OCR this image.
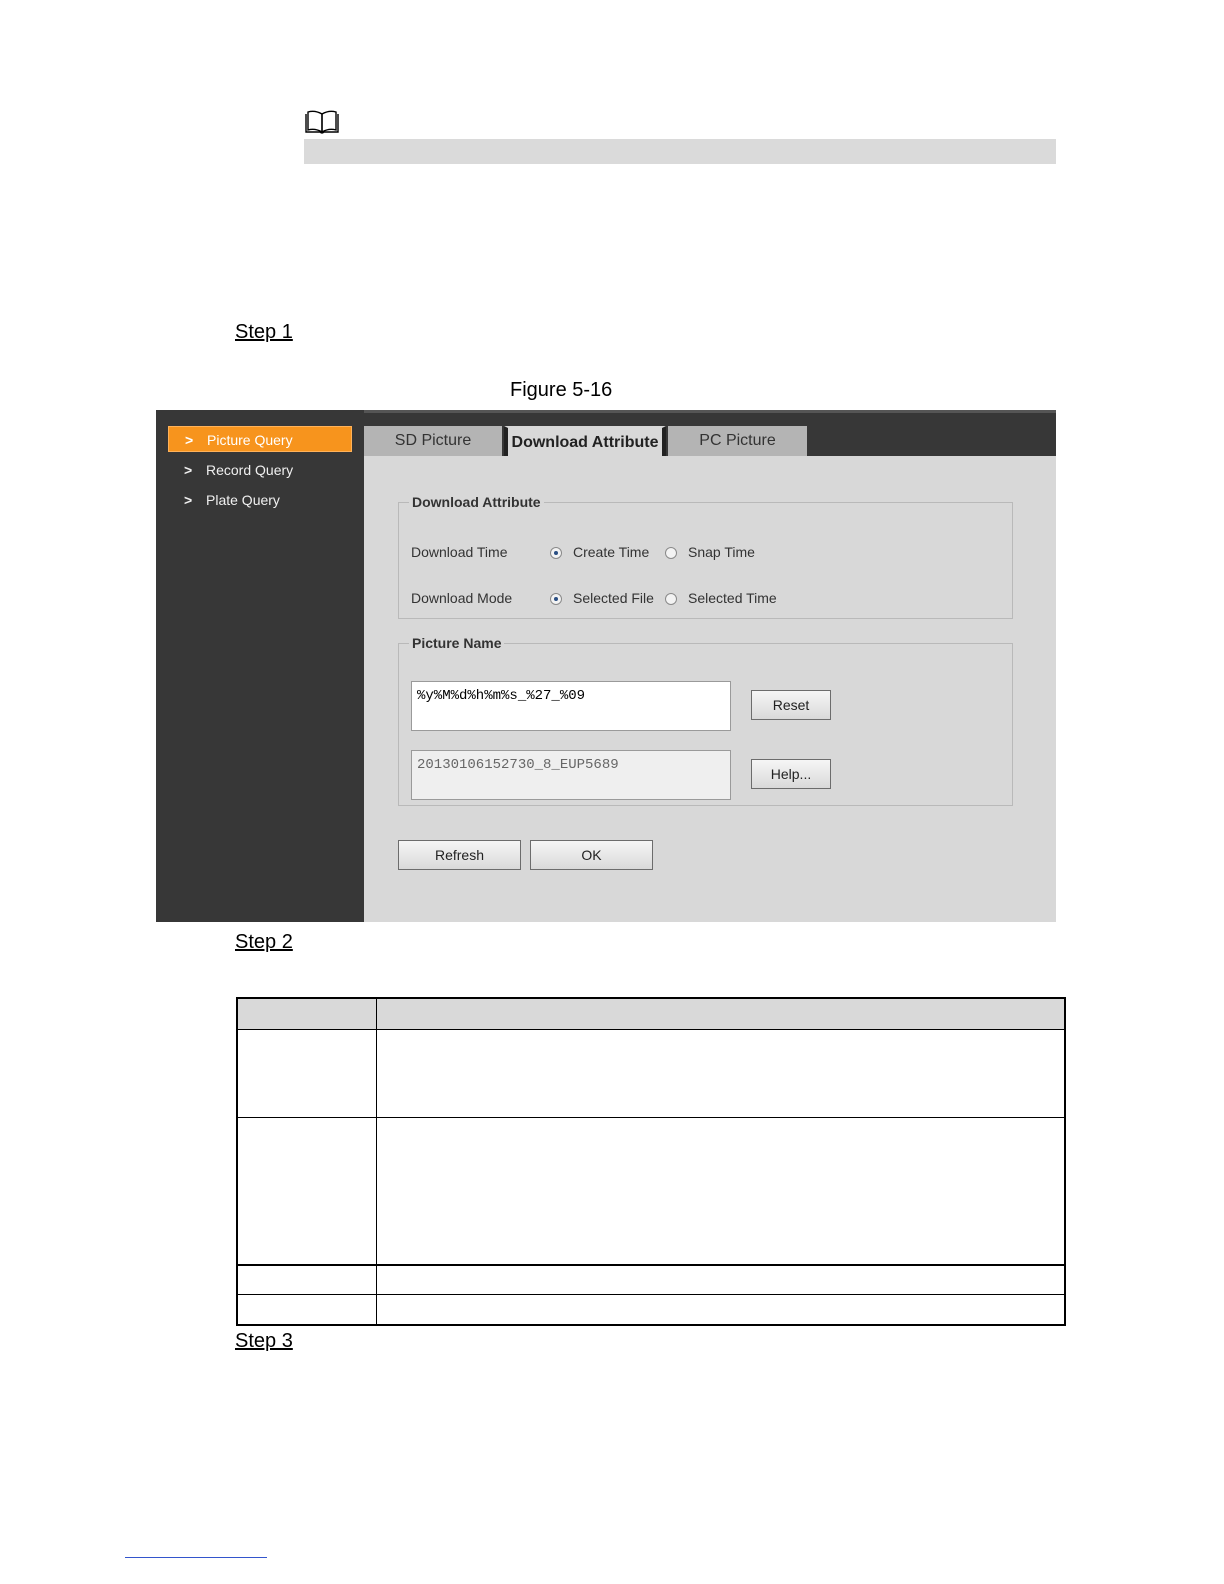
Step 1
Figure 5-16
> Picture Query
> Record Query
> Plate Query
SD Picture	Download Attribute	PC Picture
Download Attribute
Download Time	Create Time	Snap Time
Download Mode	Selected File Selected Time
Picture Name
%y%M%d%h%m%s_%27_%09
Reset
20130106152730_8_EUP5689
Help...
Refresh	OK
Step 2
Step 3
